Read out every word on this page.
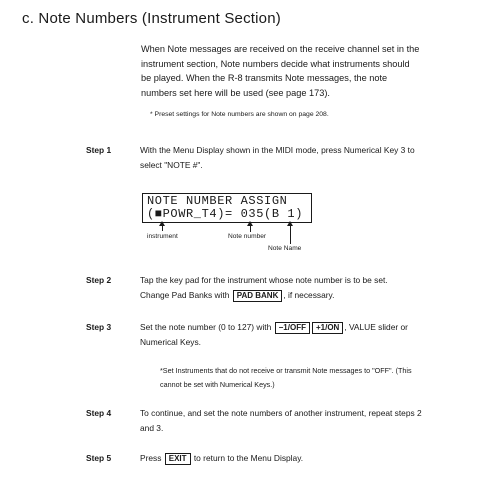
c. Note Numbers (Instrument Section)
When Note messages are received on the receive channel set in the
instrument section, Note numbers decide what instruments should
be played. When the R-8 transmits Note messages, the note
numbers set here will be used (see page 173).
* Preset settings for Note numbers are shown on page 208.
Step 1	With the Menu Display shown in the MIDI mode, press Numerical Key 3 to
select "NOTE #".
NOTE NUMBER ASSIGN
(■POWR_T4)= 035(B 1)
instrument	Note number
Note Name
Step 2	Tap the key pad for the instrument whose note number is to be set.
Change Pad Banks with PAD BANK , if necessary.
Step 3	Set the note number (0 to 127) with −1/OFF +1/ON , VALUE slider or
Numerical Keys.
*Set Instruments that do not receive or transmit Note messages to "OFF". (This
cannot be set with Numerical Keys.)
Step 4	To continue, and set the note numbers of another instrument, repeat steps 2
and 3.
Step 5	Press EXIT to return to the Menu Display.
